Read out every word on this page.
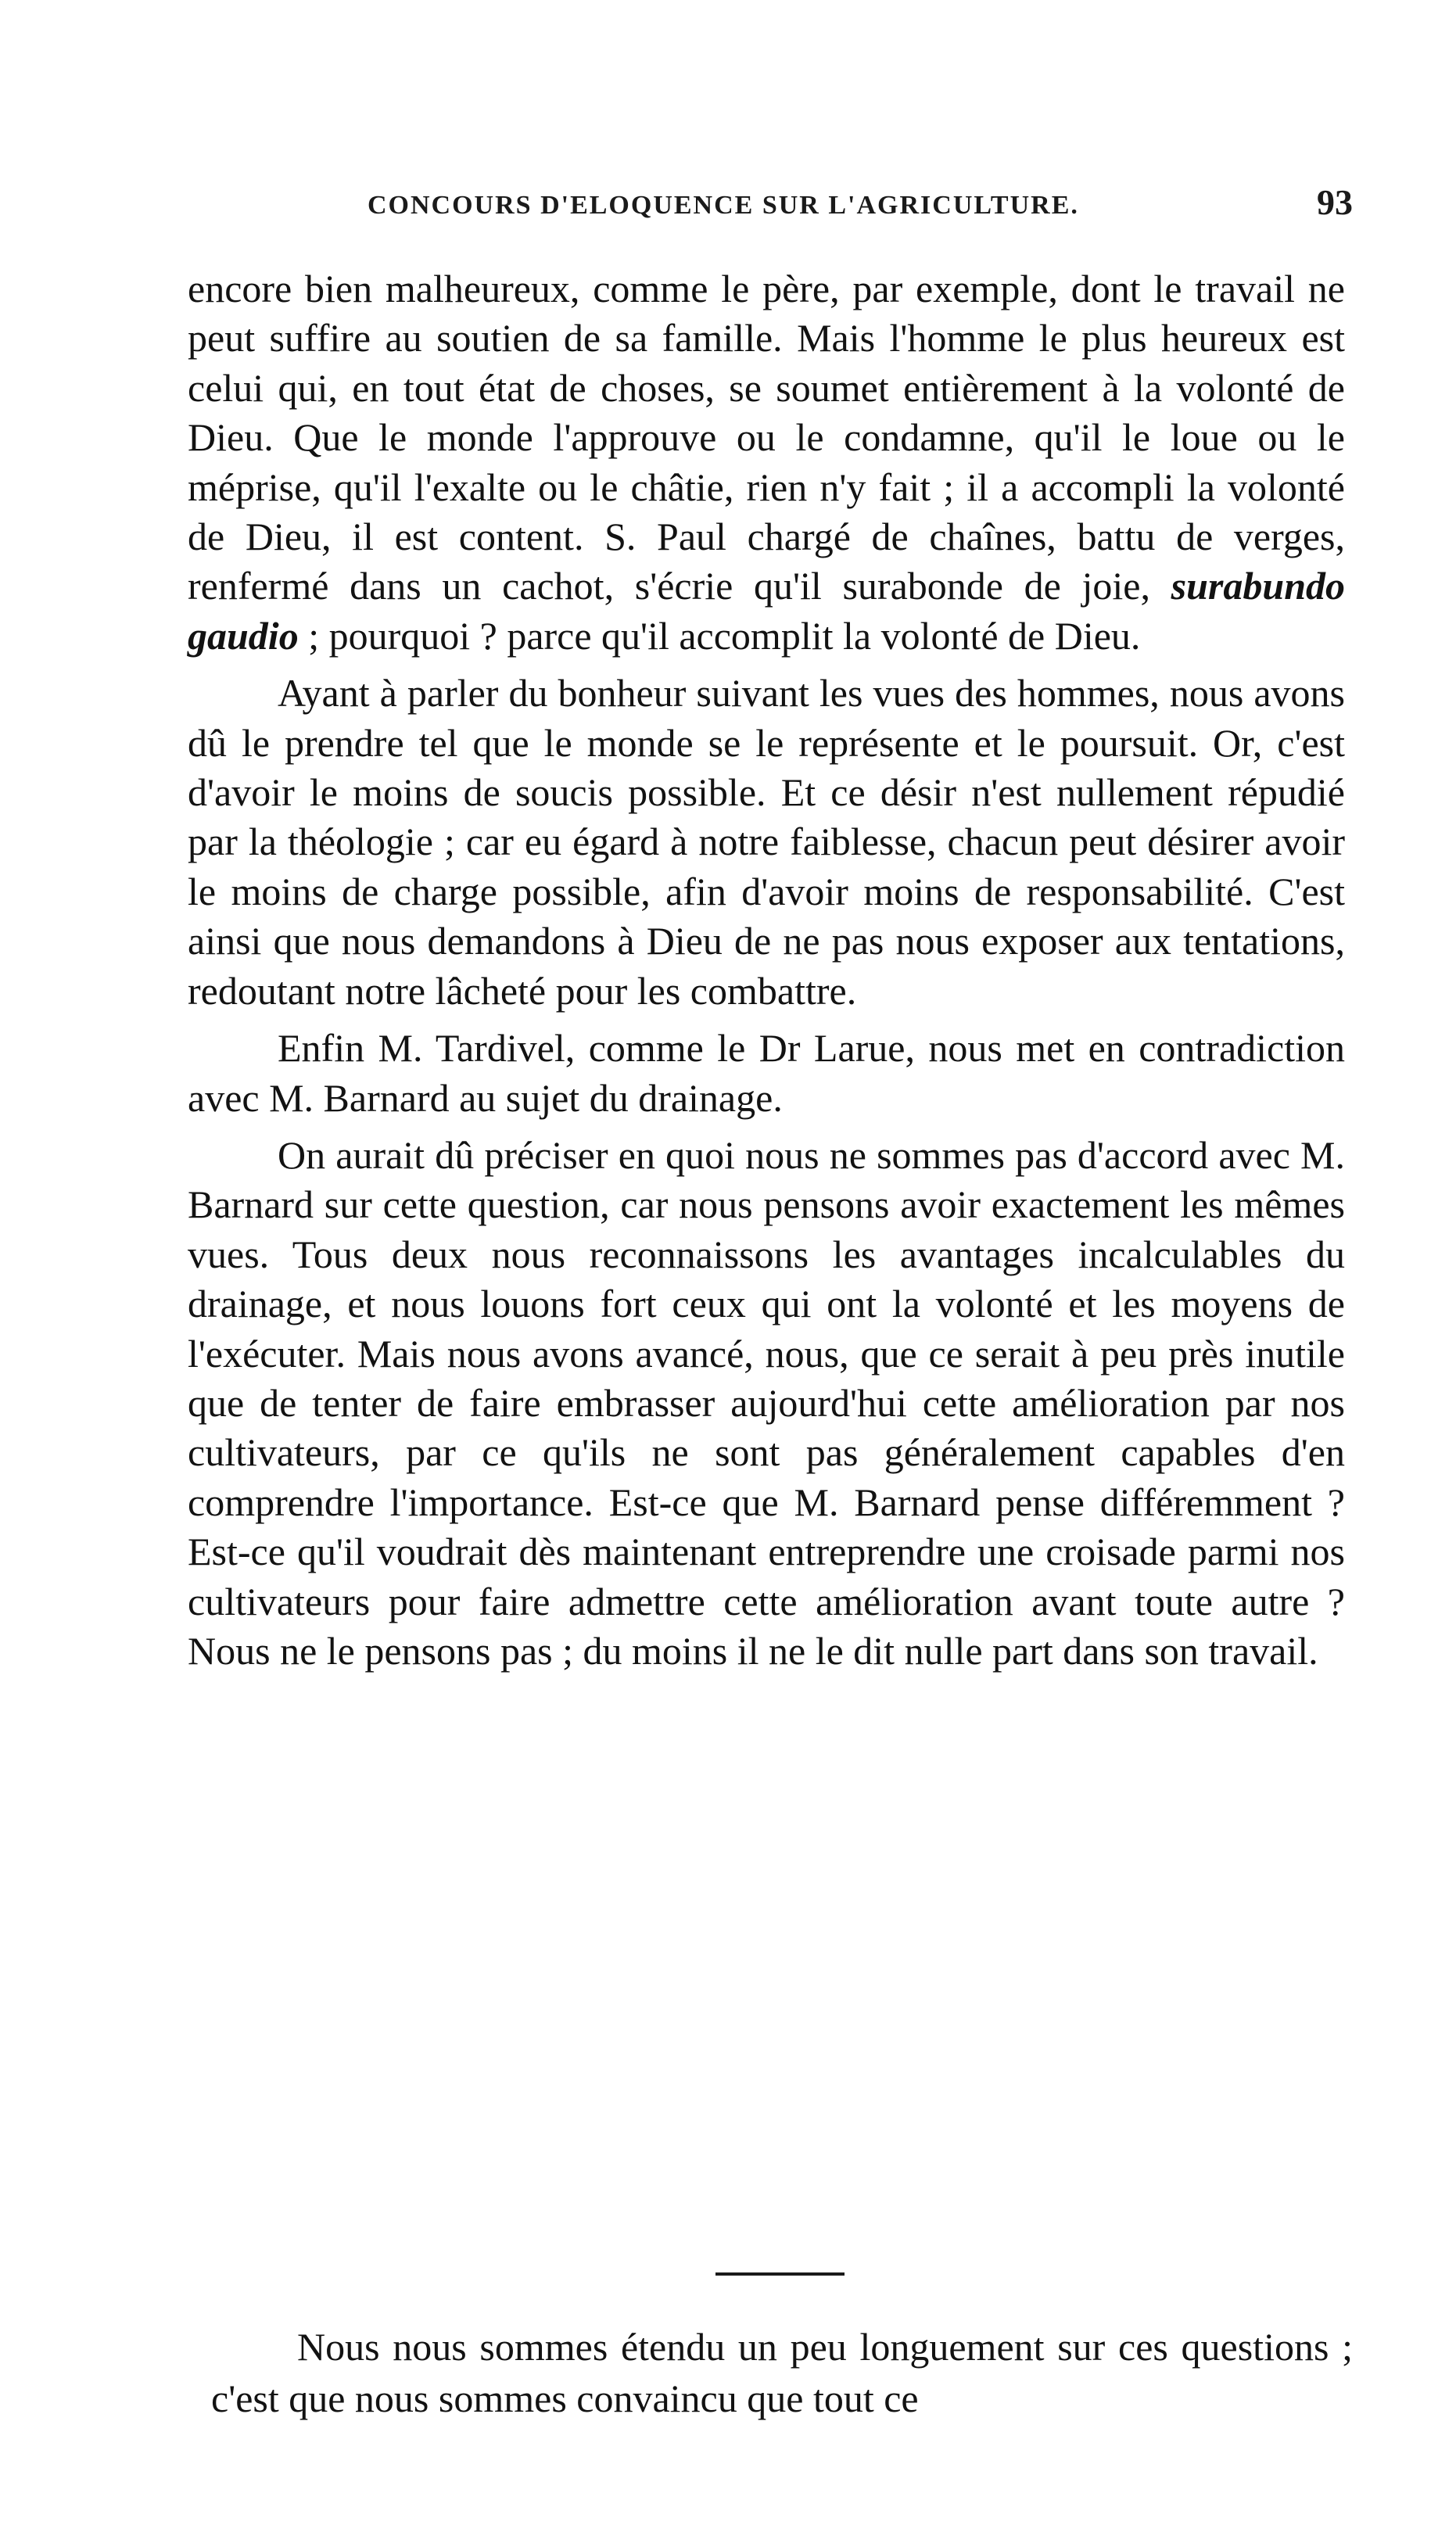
CONCOURS D'ELOQUENCE SUR L'AGRICULTURE.	93

encore bien malheureux, comme le père, par exemple, dont le travail ne peut suffire au soutien de sa famille. Mais l'homme le plus heureux est celui qui, en tout état de choses, se soumet entièrement à la volonté de Dieu. Que le monde l'approuve ou le condamne, qu'il le loue ou le méprise, qu'il l'exalte ou le châtie, rien n'y fait ; il a accompli la volonté de Dieu, il est content. S. Paul chargé de chaînes, battu de verges, renfermé dans un cachot, s'écrie qu'il surabonde de joie, surabundo gaudio ; pourquoi ? parce qu'il accomplit la volonté de Dieu.

Ayant à parler du bonheur suivant les vues des hommes, nous avons dû le prendre tel que le monde se le représente et le poursuit. Or, c'est d'avoir le moins de soucis possible. Et ce désir n'est nullement répudié par la théologie ; car eu égard à notre faiblesse, chacun peut désirer avoir le moins de charge possible, afin d'avoir moins de responsabilité. C'est ainsi que nous demandons à Dieu de ne pas nous exposer aux tentations, redoutant notre lâcheté pour les combattre.

Enfin M. Tardivel, comme le Dr Larue, nous met en contradiction avec M. Barnard au sujet du drainage.

On aurait dû préciser en quoi nous ne sommes pas d'accord avec M. Barnard sur cette question, car nous pensons avoir exactement les mêmes vues. Tous deux nous reconnaissons les avantages incalculables du drainage, et nous louons fort ceux qui ont la volonté et les moyens de l'exécuter. Mais nous avons avancé, nous, que ce serait à peu près inutile que de tenter de faire embrasser aujourd'hui cette amélioration par nos cultivateurs, par ce qu'ils ne sont pas généralement capables d'en comprendre l'importance. Est-ce que M. Barnard pense différemment ? Est-ce qu'il voudrait dès maintenant entreprendre une croisade parmi nos cultivateurs pour faire admettre cette amélioration avant toute autre ? Nous ne le pensons pas ; du moins il ne le dit nulle part dans son travail.

Nous nous sommes étendu un peu longuement sur ces questions ; c'est que nous sommes convaincu que tout ce
